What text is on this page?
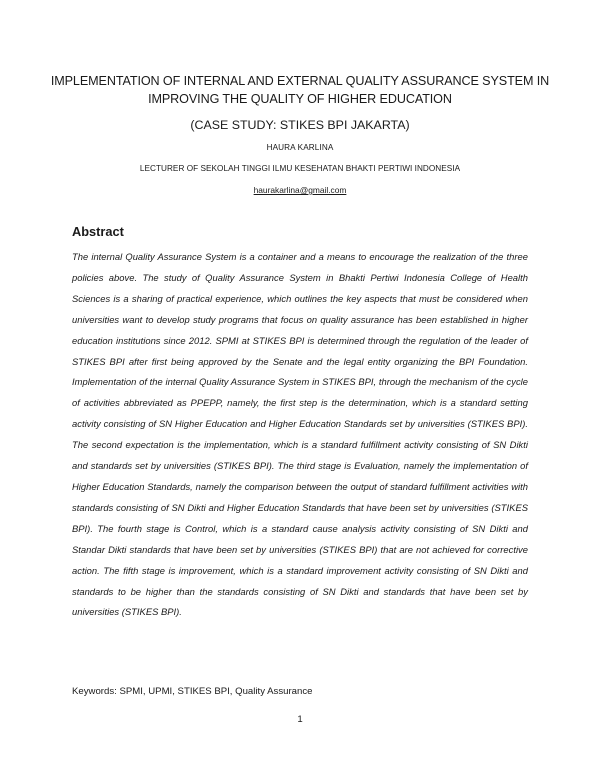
IMPLEMENTATION OF INTERNAL AND EXTERNAL QUALITY ASSURANCE SYSTEM IN
IMPROVING THE QUALITY OF HIGHER EDUCATION
(CASE STUDY: STIKES BPI JAKARTA)
HAURA KARLINA
LECTURER OF SEKOLAH TINGGI ILMU KESEHATAN BHAKTI PERTIWI INDONESIA
haurakarlina@gmail.com
Abstract

The internal Quality Assurance System is a container and a means to encourage the realization of the three policies above. The study of Quality Assurance System in Bhakti Pertiwi Indonesia College of Health Sciences is a sharing of practical experience, which outlines the key aspects that must be considered when universities want to develop study programs that focus on quality assurance has been established in higher education institutions since 2012. SPMI at STIKES BPI is determined through the regulation of the leader of STIKES BPI after first being approved by the Senate and the legal entity organizing the BPI Foundation. Implementation of the internal Quality Assurance System in STIKES BPI, through the mechanism of the cycle of activities abbreviated as PPEPP, namely, the first step is the determination, which is a standard setting activity consisting of SN Higher Education and Higher Education Standards set by universities (STIKES BPI). The second expectation is the implementation, which is a standard fulfillment activity consisting of SN Dikti and standards set by universities (STIKES BPI). The third stage is Evaluation, namely the implementation of Higher Education Standards, namely the comparison between the output of standard fulfillment activities with standards consisting of SN Dikti and Higher Education Standards that have been set by universities (STIKES BPI). The fourth stage is Control, which is a standard cause analysis activity consisting of SN Dikti and Standar Dikti standards that have been set by universities (STIKES BPI) that are not achieved for corrective action. The fifth stage is improvement, which is a standard improvement activity consisting of SN Dikti and standards to be higher than the standards consisting of SN Dikti and standards that have been set by universities (STIKES BPI).

Keywords: SPMI, UPMI, STIKES BPI, Quality Assurance

1
